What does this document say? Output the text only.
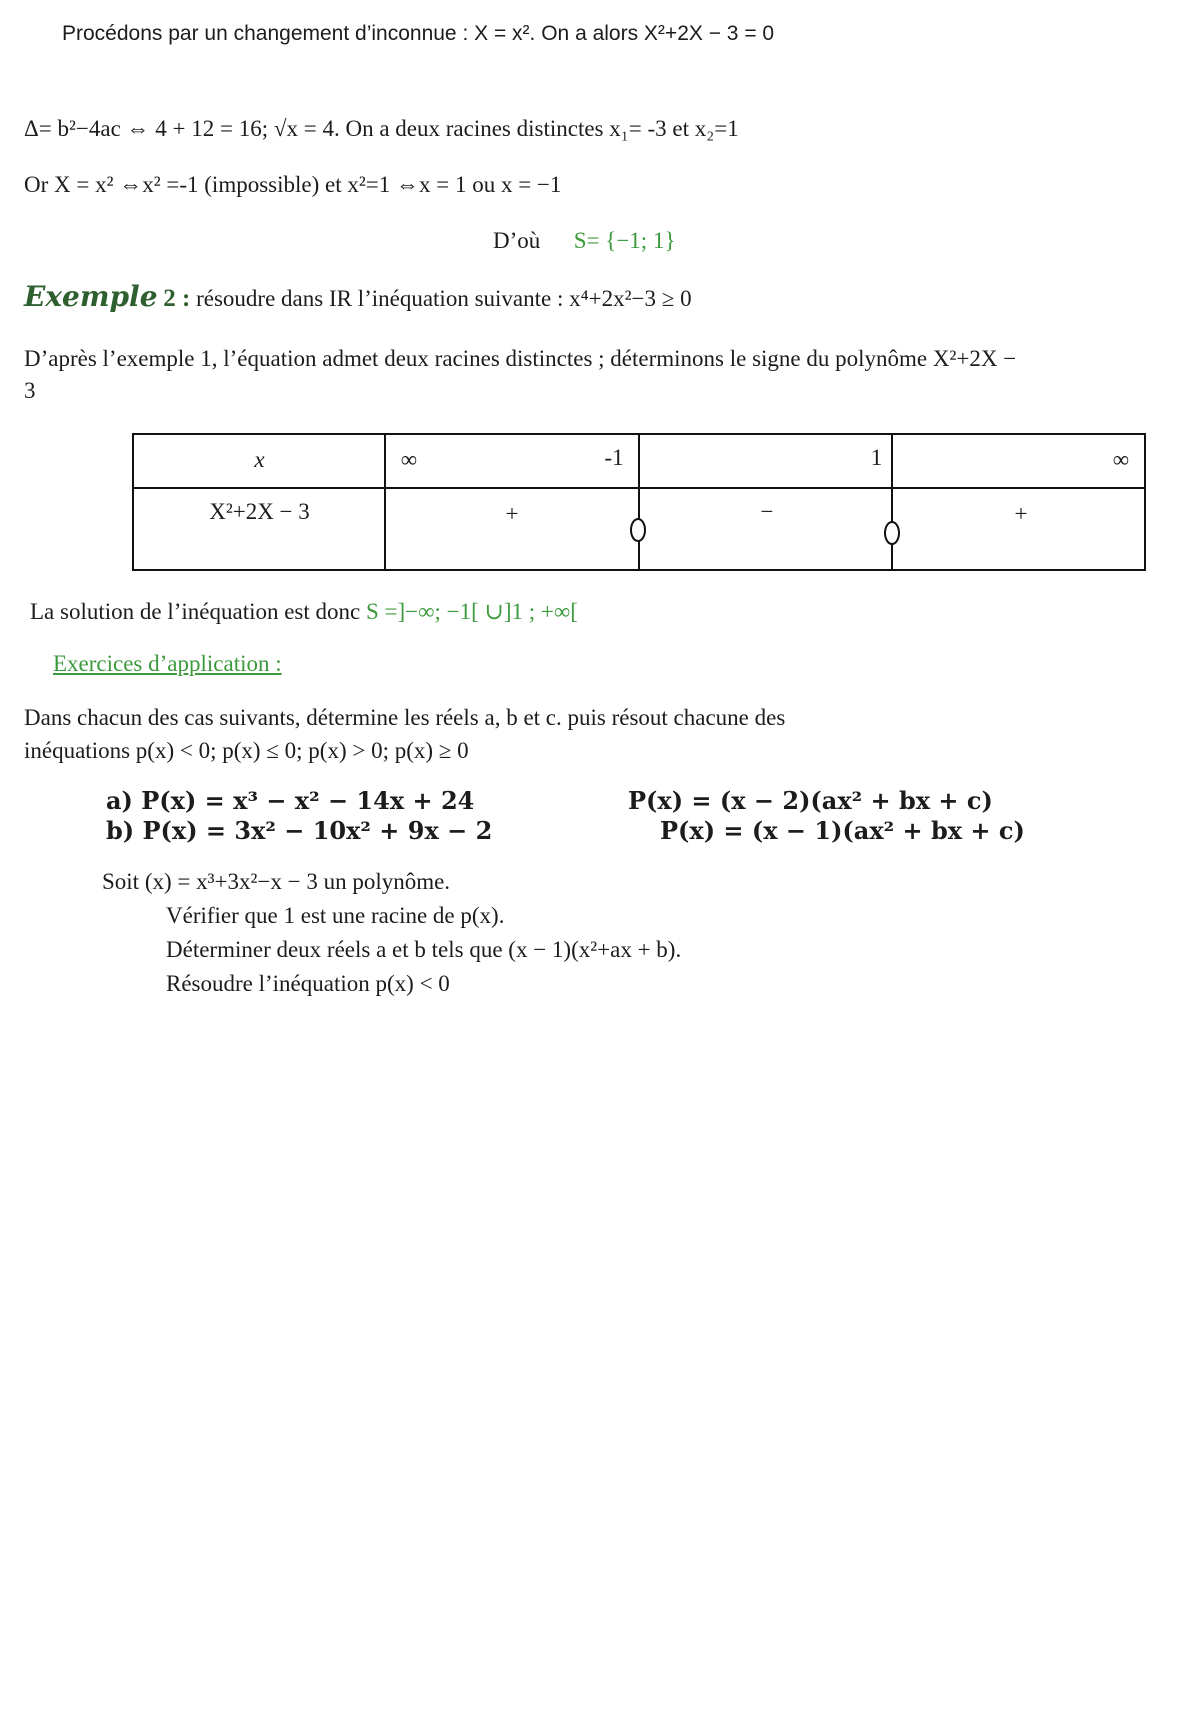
Procédons par un changement d’inconnue : X = x². On a alors X²+2X − 3 = 0
Δ= b²−4ac ⇔ 4 + 12 = 16; √x = 4. On a deux racines distinctes x₁= -3 et x₂=1
Or X = x² ⇔x² =-1 (impossible) et x²=1 ⇔x = 1 ou x = −1
D’où S= {−1; 1}
Exemple 2 : résoudre dans IR l’inéquation suivante : x⁴+2x²−3 ≥ 0
D’après l’exemple 1, l’équation admet deux racines distinctes ; déterminons le signe du polynôme X²+2X −
3
x	∞	-1	1	∞
X²+2X − 3	+	−	+
La solution de l’inéquation est donc S =]−∞; −1[ ∪]1 ; +∞[
Exercices d’application :
Dans chacun des cas suivants, détermine les réels a, b et c. puis résout chacune des
inéquations p(x) < 0; p(x) ≤ 0; p(x) > 0; p(x) ≥ 0
a) P(x) = x³ − x² − 14x + 24	P(x) = (x − 2)(ax² + bx + c)
b) P(x) = 3x² − 10x² + 9x − 2	P(x) = (x − 1)(ax² + bx + c)
Soit (x) = x³+3x²−x − 3 un polynôme.
Vérifier que 1 est une racine de p(x).
Déterminer deux réels a et b tels que (x − 1)(x²+ax + b).
Résoudre l’inéquation p(x) < 0
